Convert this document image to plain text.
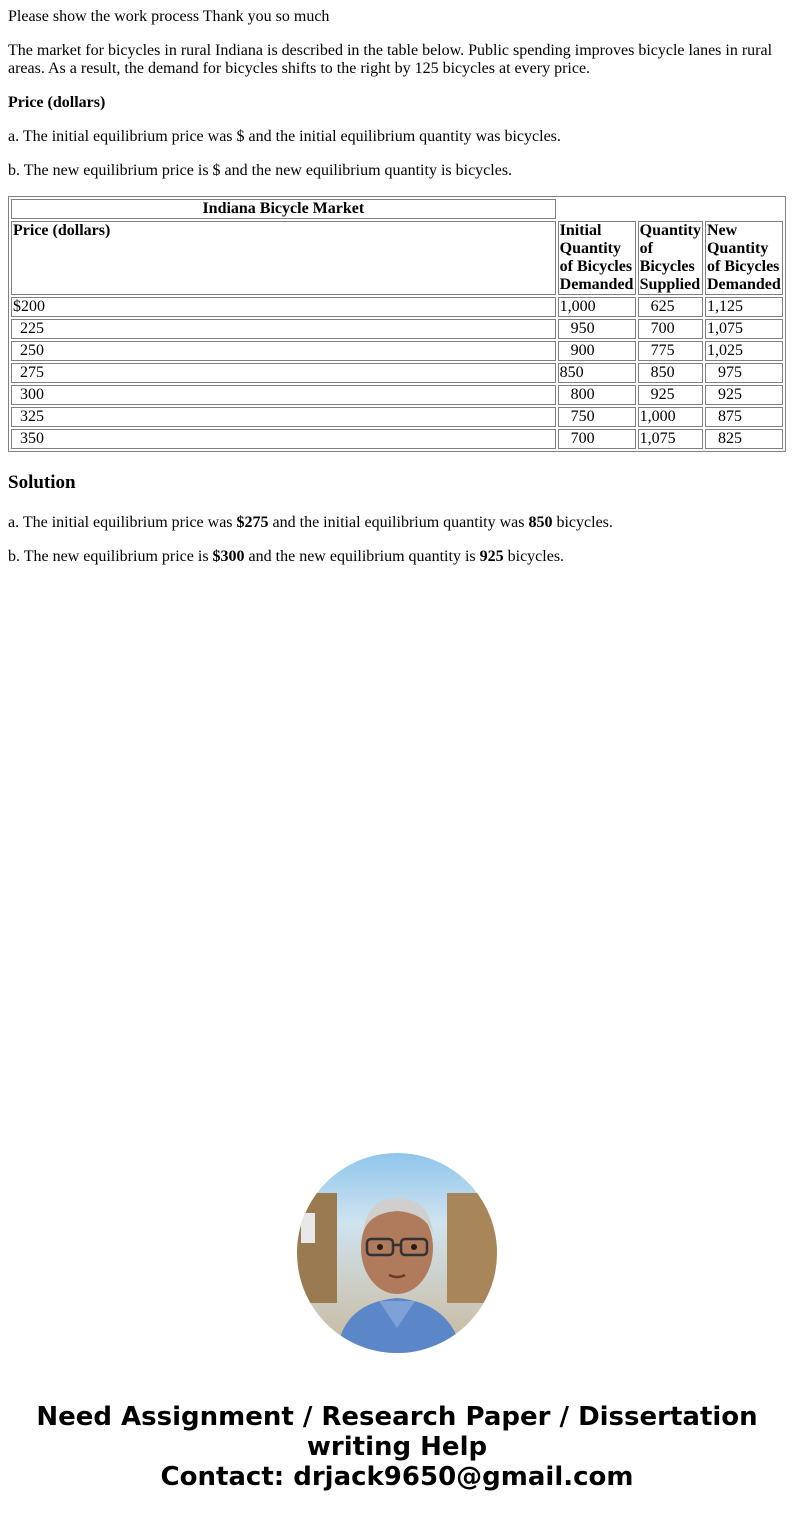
Please show the work process Thank you so much

The market for bicycles in rural Indiana is described in the table below. Public spending improves bicycle lanes in rural areas. As a result, the demand for bicycles shifts to the right by 125 bicycles at every price.

Price (dollars)

a. The initial equilibrium price was $ and the initial equilibrium quantity was bicycles.

b. The new equilibrium price is $ and the new equilibrium quantity is bicycles.

Indiana Bicycle Market			
Price (dollars)	Initial Quantity of Bicycles Demanded	Quantity of Bicycles Supplied	New Quantity of Bicycles Demanded
$200	1,000	625	1,125
225	950	700	1,075
250	900	775	1,025
275	850	850	975
300	800	925	925
325	750	1,000	875
350	700	1,075	825
Solution

a. The initial equilibrium price was $275 and the initial equilibrium quantity was 850 bicycles.

b. The new equilibrium price is $300 and the new equilibrium quantity is 925 bicycles.

Need Assignment / Research Paper / Dissertation writing Help
Contact: drjack9650@gmail.com
